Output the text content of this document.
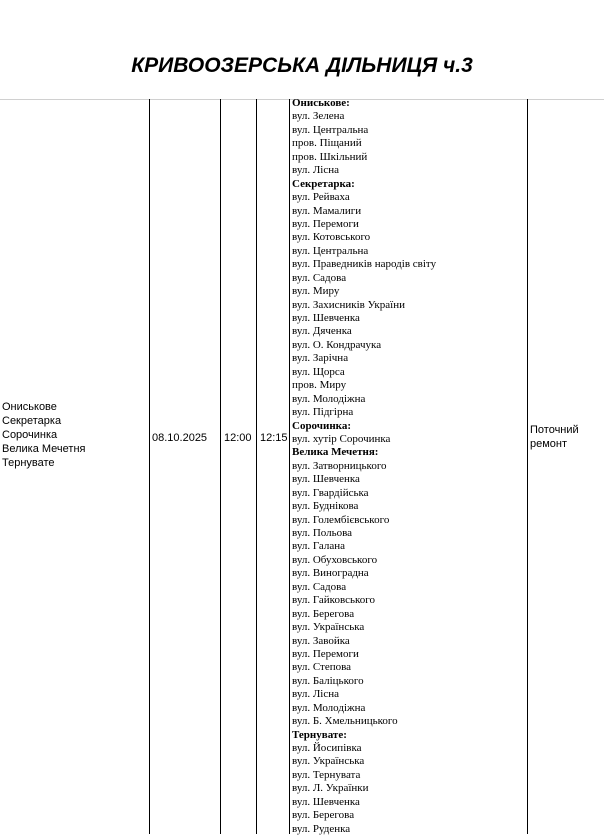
КРИВООЗЕРСЬКА ДІЛЬНИЦЯ ч.3
Ониськове
Секретарка
Сорочинка
Велика Мечетня
Тернувате
08.10.2025 12:00 12:15
Поточний
ремонт
Ониськове:
вул. Зелена
вул. Центральна
пров. Піщаний
пров. Шкільний
вул. Лісна
Секретарка:
вул. Рейваха
вул. Мамалиги
вул. Перемоги
вул. Котовського
вул. Центральна
вул. Праведників народів світу
вул. Садова
вул. Миру
вул. Захисників України
вул. Шевченка
вул. Дяченка
вул. О. Кондрачука
вул. Зарічна
вул. Щорса
пров. Миру
вул. Молодіжна
вул. Підгірна
Сорочинка:
вул. хутір Сорочинка
Велика Мечетня:
вул. Затворницького
вул. Шевченка
вул. Гвардійська
вул. Буднікова
вул. Голембієвського
вул. Польова
вул. Галана
вул. Обуховського
вул. Виноградна
вул. Садова
вул. Гайковського
вул. Берегова
вул. Українська
вул. Завойка
вул. Перемоги
вул. Степова
вул. Баліцького
вул. Лісна
вул. Молодіжна
вул. Б. Хмельницького
Тернувате:
вул. Йосипівка
вул. Українська
вул. Тернувата
вул. Л. Українки
вул. Шевченка
вул. Берегова
вул. Руденка
